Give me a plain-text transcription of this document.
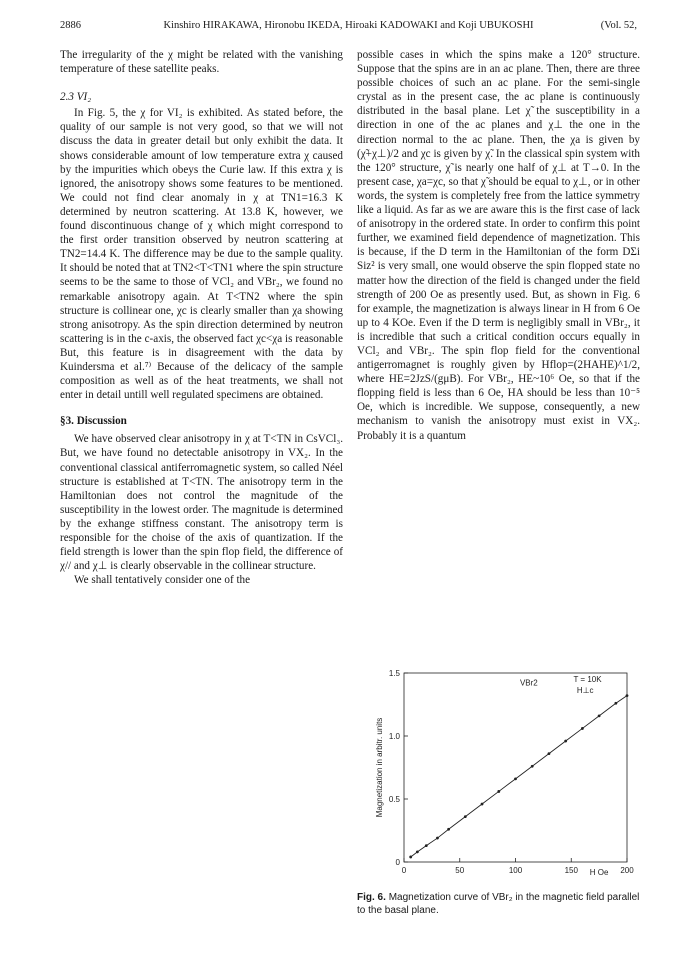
2886	Kinshiro HIRAKAWA, Hironobu IKEDA, Hiroaki KADOWAKI and Koji UBUKOSHI	(Vol. 52,

The irregularity of the χ might be related with the vanishing temperature of these satellite peaks.

2.3 VI₂

In Fig. 5, the χ for VI₂ is exhibited. As stated before, the quality of our sample is not very good, so that we will not discuss the data in greater detail but only exhibit the data. It shows considerable amount of low temperature extra χ caused by the impurities which obeys the Curie law. If this extra χ is ignored, the anisotropy shows some features to be mentioned. We could not find clear anomaly in χ at TN1=16.3 K determined by neutron scattering. At 13.8 K, however, we found discontinuous change of χ which might correspond to the first order transition observed by neutron scattering at TN2=14.4 K. The difference may be due to the sample quality. It should be noted that at TN2<T<TN1 where the spin structure seems to be the same to those of VCl₂ and VBr₂, we found no remarkable anisotropy again. At T<TN2 where the spin structure is collinear one, χc is clearly smaller than χa showing strong anisotropy. As the spin direction determined by neutron scattering is in the c-axis, the observed fact χc<χa is reasonable But, this feature is in disagreement with the data by Kuindersma et al.⁷⁾ Because of the delicacy of the sample composition as well as of the heat treatments, we shall not enter in detail untill well regulated specimens are obtained.

§3. Discussion

We have observed clear anisotropy in χ at T<TN in CsVCl₃. But, we have found no detectable anisotropy in VX₂. In the conventional classical antiferromagnetic system, so called Néel structure is established at T<TN. The anisotropy term in the Hamiltonian does not control the magnitude of the susceptibility in the lowest order. The magnitude is determined by the exhange stiffness constant. The anisotropy term is responsible for the choise of the axis of quantization. If the field strength is lower than the spin flop field, the difference of χ// and χ⊥ is clearly observable in the collinear structure.

We shall tentatively consider one of the

possible cases in which the spins make a 120° structure. Suppose that the spins are in an ac plane. Then, there are three possible choices of such an ac plane. For the semi-single crystal as in the present case, the ac plane is continuously distributed in the basal plane. Let χ̃ the susceptibility in a direction in one of the ac planes and χ⊥ the one in the direction normal to the ac plane. Then, the χa is given by (χ̃+χ⊥)/2 and χc is given by χ̃. In the classical spin system with the 120° structure, χ̃ is nearly one half of χ⊥ at T→0. In the present case, χa=χc, so that χ̃ should be equal to χ⊥, or in other words, the system is completely free from the lattice symmetry like a liquid. As far as we are aware this is the first case of lack of anisotropy in the ordered state. In order to confirm this point further, we examined field dependence of magnetization. This is because, if the D term in the Hamiltonian of the form DΣi Siz² is very small, one would observe the spin flopped state no matter how the direction of the field is changed under the field strength of 200 Oe as presently used. But, as shown in Fig. 6 for example, the magnetization is always linear in H from 6 Oe up to 4 KOe. Even if the D term is negligibly small in VBr₂, it is incredible that such a critical condition occurs equally in VCl₂ and VBr₂. The spin flop field for the conventional antigerromagnet is roughly given by Hflop=(2HAHE)^1/2, where HE=2JzS/(gμB). For VBr₂, HE~10⁶ Oe, so that if the flopping field is less than 6 Oe, HA should be less than 10⁻⁵ Oe, which is incredible. We suppose, consequently, a new mechanism to vanish the anisotropy must exist in VX₂. Probably it is a quantum

0	50	100	150	200
0
0.5
1.0
1.5
H Oe
Magnetization in arbitr. units
VBr2	T = 10K
H⊥c
Fig. 6. Magnetization curve of VBr₂ in the magnetic field parallel to the basal plane.
